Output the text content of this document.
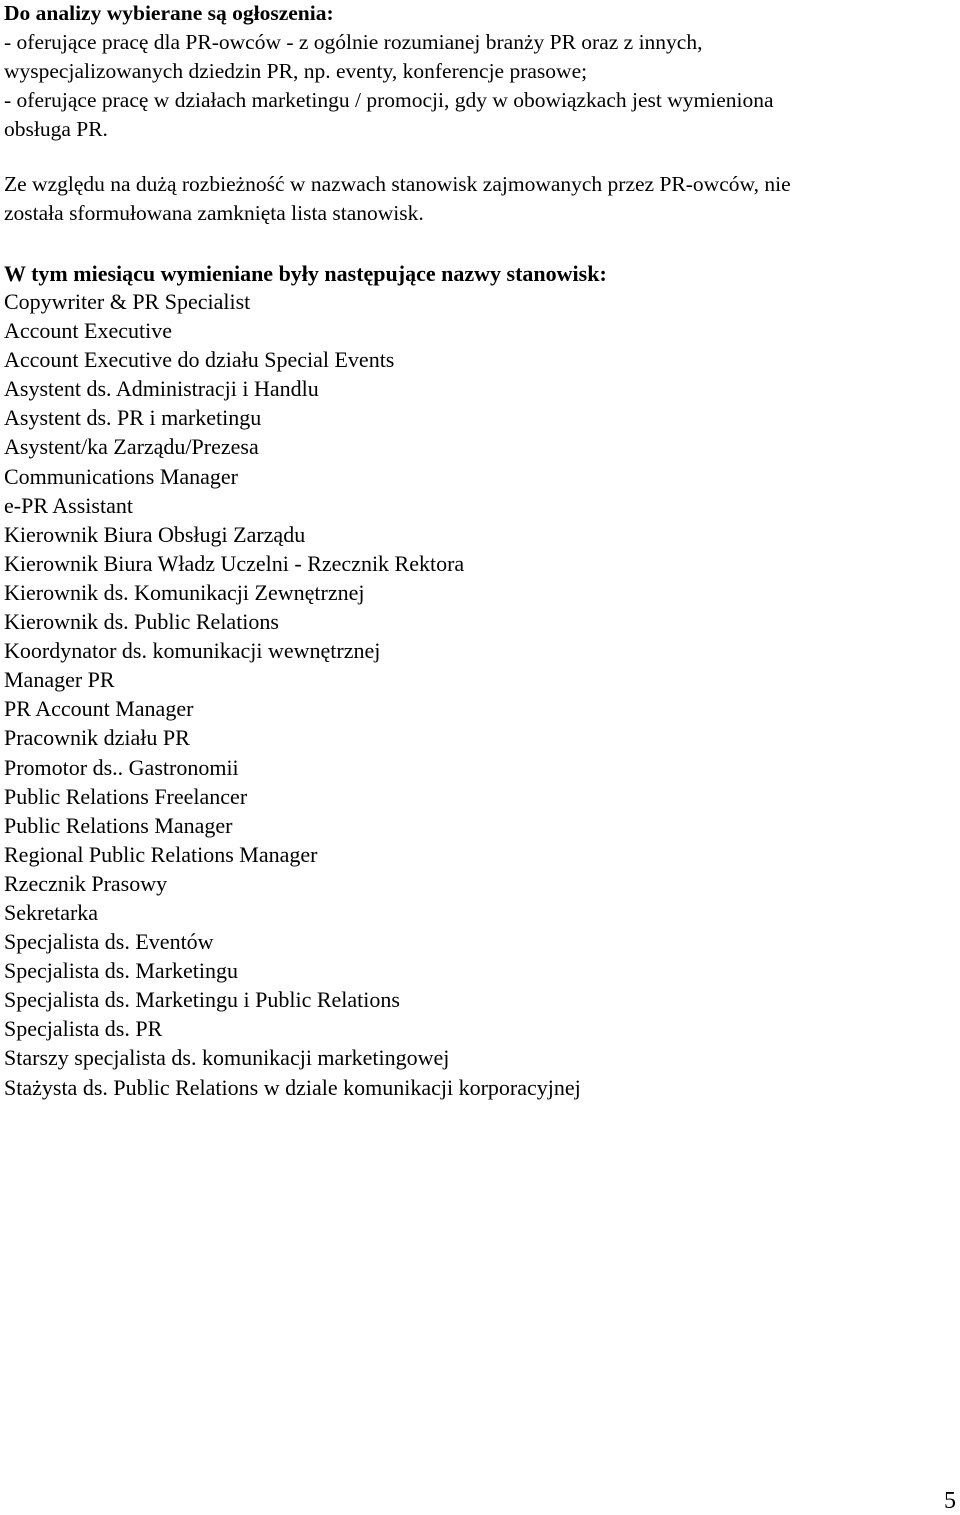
Do analizy wybierane są ogłoszenia:
- oferujące pracę dla PR-owców - z ogólnie rozumianej branży PR oraz z innych,
wyspecjalizowanych dziedzin PR, np. eventy, konferencje prasowe;
- oferujące pracę w działach marketingu / promocji, gdy w obowiązkach jest wymieniona
obsługa PR.
Ze względu na dużą rozbieżność w nazwach stanowisk zajmowanych przez PR-owców, nie
została sformułowana zamknięta lista stanowisk.
W tym miesiącu wymieniane były następujące nazwy stanowisk:
Copywriter & PR Specialist
Account Executive
Account Executive do działu Special Events
Asystent ds. Administracji i Handlu
Asystent ds. PR i marketingu
Asystent/ka Zarządu/Prezesa
Communications Manager
e-PR Assistant
Kierownik Biura Obsługi Zarządu
Kierownik Biura Władz Uczelni - Rzecznik Rektora
Kierownik ds. Komunikacji Zewnętrznej
Kierownik ds. Public Relations
Koordynator ds. komunikacji wewnętrznej
Manager PR
PR Account Manager
Pracownik działu PR
Promotor ds.. Gastronomii
Public Relations Freelancer
Public Relations Manager
Regional Public Relations Manager
Rzecznik Prasowy
Sekretarka
Specjalista ds. Eventów
Specjalista ds. Marketingu
Specjalista ds. Marketingu i Public Relations
Specjalista ds. PR
Starszy specjalista ds. komunikacji marketingowej
Stażysta ds. Public Relations w dziale komunikacji korporacyjnej
5
